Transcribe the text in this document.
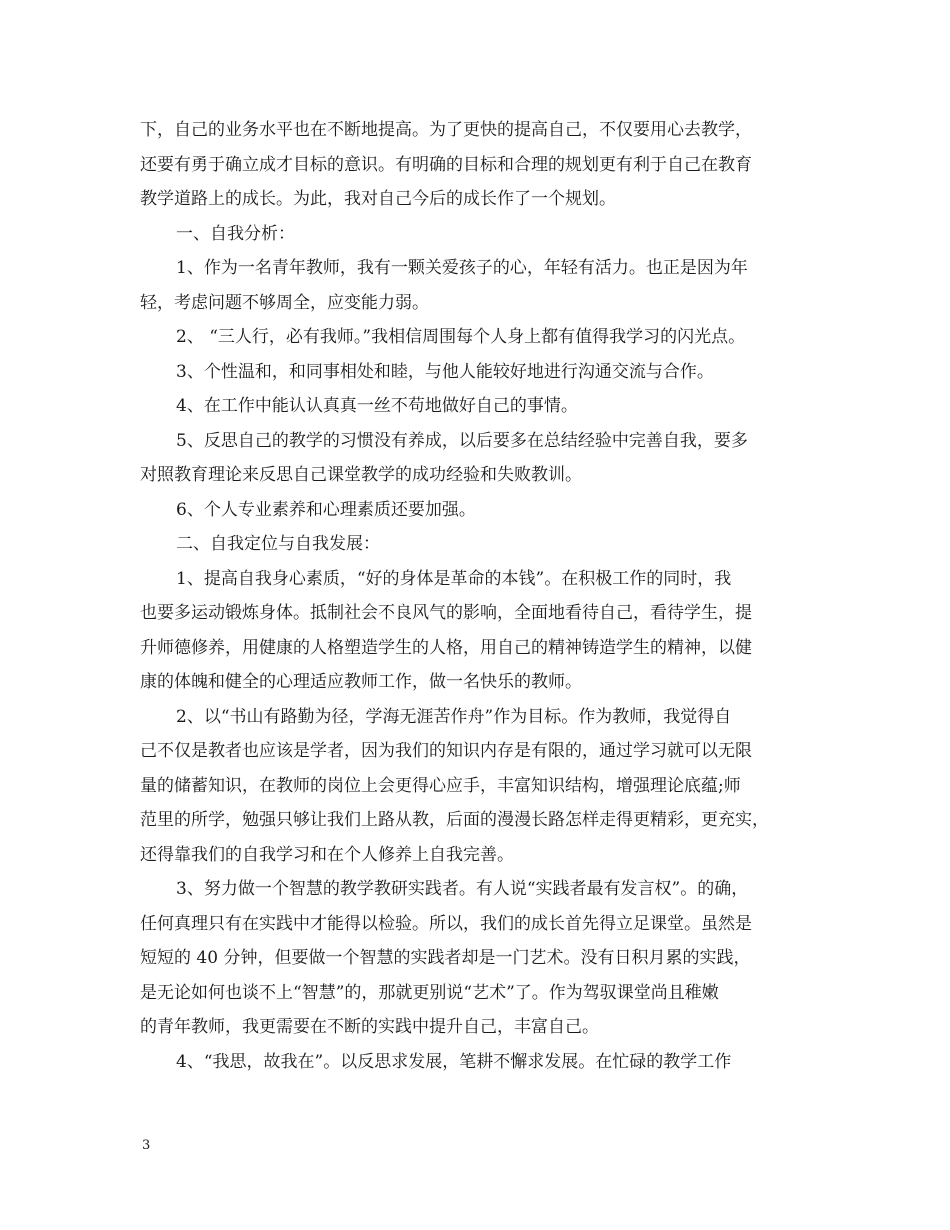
下，自己的业务水平也在不断地提高。为了更快的提高自己，不仅要用心去教学，
还要有勇于确立成才目标的意识。有明确的目标和合理的规划更有利于自己在教育
教学道路上的成长。为此，我对自己今后的成长作了一个规划。
一、自我分析：
1、作为一名青年教师，我有一颗关爱孩子的心，年轻有活力。也正是因为年
轻，考虑问题不够周全，应变能力弱。
2、 “三人行，必有我师。”我相信周围每个人身上都有值得我学习的闪光点。
3、个性温和，和同事相处和睦，与他人能较好地进行沟通交流与合作。
4、在工作中能认认真真一丝不苟地做好自己的事情。
5、反思自己的教学的习惯没有养成，以后要多在总结经验中完善自我，要多
对照教育理论来反思自己课堂教学的成功经验和失败教训。
6、个人专业素养和心理素质还要加强。
二、自我定位与自我发展：
1、提高自我身心素质，“好的身体是革命的本钱”。在积极工作的同时，我
也要多运动锻炼身体。抵制社会不良风气的影响，全面地看待自己，看待学生，提
升师德修养，用健康的人格塑造学生的人格，用自己的精神铸造学生的精神，以健
康的体魄和健全的心理适应教师工作，做一名快乐的教师。
2、以“书山有路勤为径，学海无涯苦作舟”作为目标。作为教师，我觉得自
己不仅是教者也应该是学者，因为我们的知识内存是有限的，通过学习就可以无限
量的储蓄知识，在教师的岗位上会更得心应手，丰富知识结构，增强理论底蕴;师
范里的所学，勉强只够让我们上路从教，后面的漫漫长路怎样走得更精彩，更充实，
还得靠我们的自我学习和在个人修养上自我完善。
3、努力做一个智慧的教学教研实践者。有人说“实践者最有发言权”。的确，
任何真理只有在实践中才能得以检验。所以，我们的成长首先得立足课堂。虽然是
短短的 40 分钟，但要做一个智慧的实践者却是一门艺术。没有日积月累的实践，
是无论如何也谈不上“智慧”的，那就更别说“艺术”了。作为驾驭课堂尚且稚嫩
的青年教师，我更需要在不断的实践中提升自己，丰富自己。
4、“我思，故我在”。以反思求发展，笔耕不懈求发展。在忙碌的教学工作
3
